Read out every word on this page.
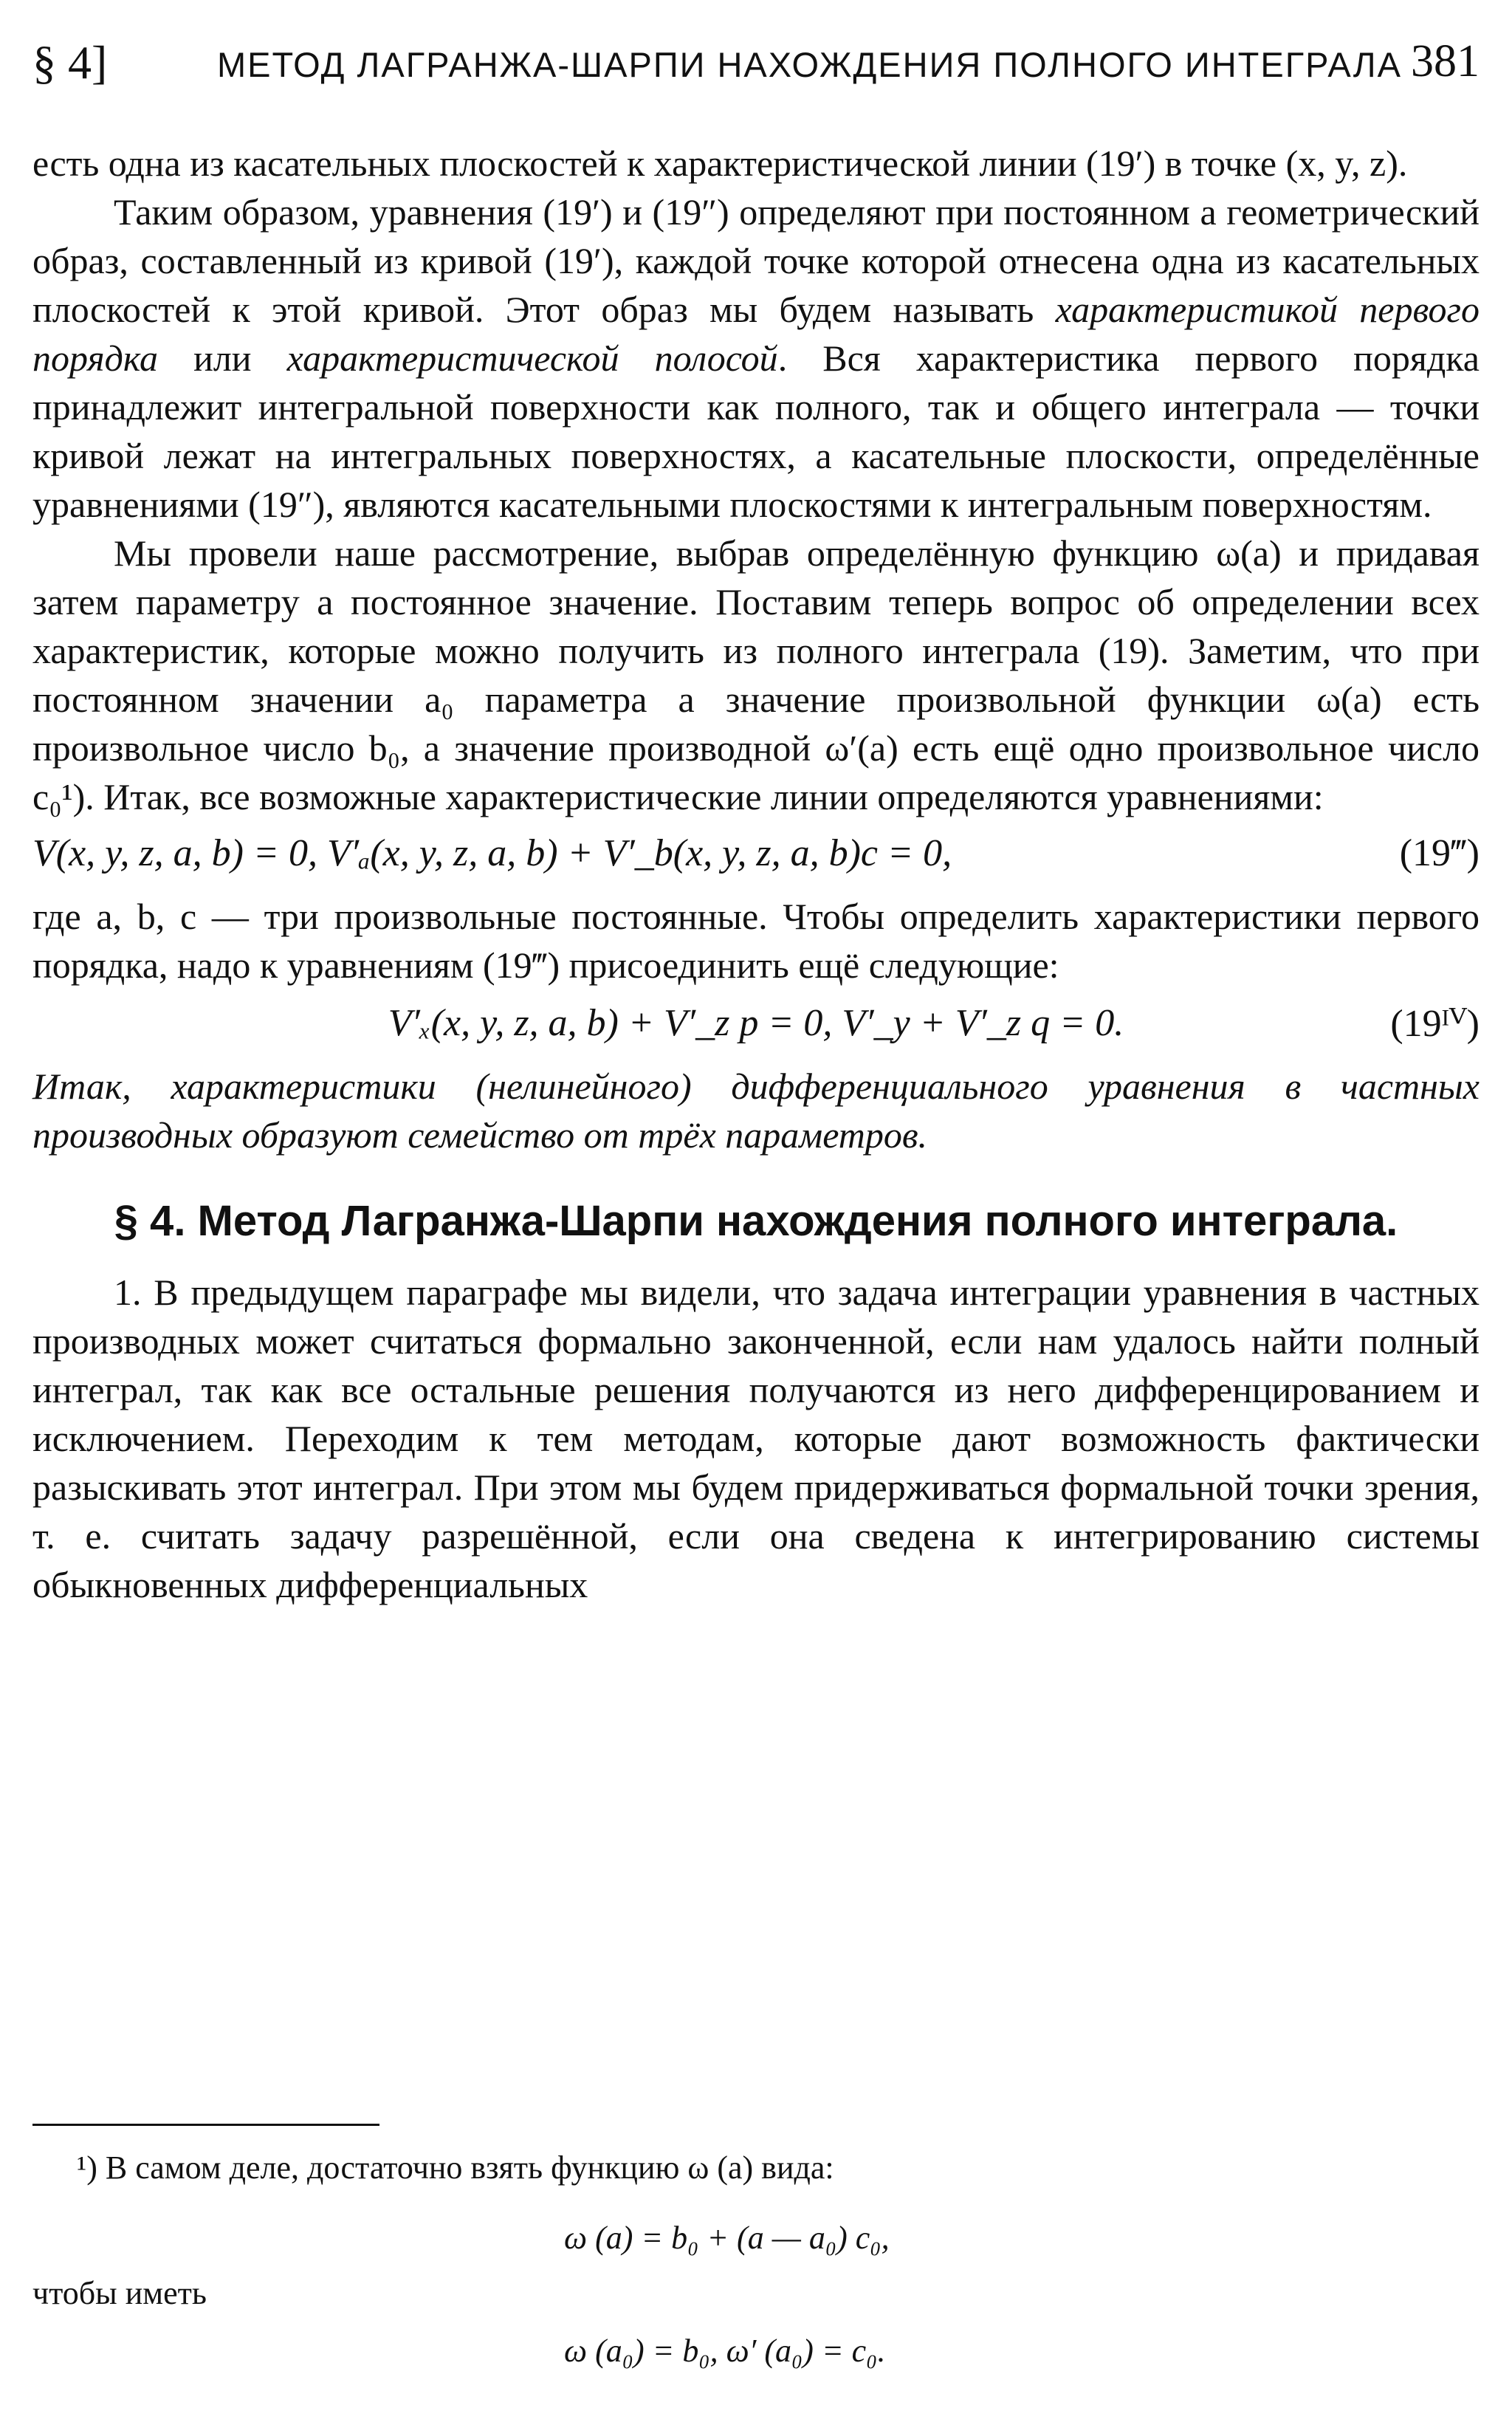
§ 4]	МЕТОД ЛАГРАНЖА-ШАРПИ НАХОЖДЕНИЯ ПОЛНОГО ИНТЕГРАЛА 381

есть одна из касательных плоскостей к характеристической линии (19′) в точке (x, y, z).

Таким образом, уравнения (19′) и (19″) определяют при постоянном a геометрический образ, составленный из кривой (19′), каждой точке которой отнесена одна из касательных плоскостей к этой кривой. Этот образ мы будем называть характеристикой первого порядка или характеристической полосой. Вся характеристика первого порядка принадлежит интегральной поверхности как полного, так и общего интеграла — точки кривой лежат на интегральных поверхностях, а касательные плоскости, определённые уравнениями (19″), являются касательными плоскостями к интегральным поверхностям.

Мы провели наше рассмотрение, выбрав определённую функцию ω(a) и придавая затем параметру a постоянное значение. Поставим теперь вопрос об определении всех характеристик, которые можно получить из полного интеграла (19). Заметим, что при постоянном значении a₀ параметра a значение произвольной функции ω(a) есть произвольное число b₀, а значение производной ω′(a) есть ещё одно произвольное число c₀¹). Итак, все возможные характеристические линии определяются уравнениями:

V(x, y, z, a, b) = 0, V′ₐ(x, y, z, a, b) + V′_b(x, y, z, a, b)c = 0,	(19‴)

где a, b, c — три произвольные постоянные. Чтобы определить характеристики первого порядка, надо к уравнениям (19‴) присоединить ещё следующие:

V′ₓ(x, y, z, a, b) + V′_z p = 0, V′_y + V′_z q = 0.	(19ᴵⱽ)

Итак, характеристики (нелинейного) дифференциального уравнения в частных производных образуют семейство от трёх параметров.

§ 4. Метод Лагранжа-Шарпи нахождения полного интеграла.

1. В предыдущем параграфе мы видели, что задача интеграции уравнения в частных производных может считаться формально законченной, если нам удалось найти полный интеграл, так как все остальные решения получаются из него дифференцированием и исключением. Переходим к тем методам, которые дают возможность фактически разыскивать этот интеграл. При этом мы будем придерживаться формальной точки зрения, т. е. считать задачу разрешённой, если она сведена к интегрированию системы обыкновенных дифференциальных

¹) В самом деле, достаточно взять функцию ω (a) вида:
ω (a) = b₀ + (a — a₀) c₀,
чтобы иметь
ω (a₀) = b₀, ω′ (a₀) = c₀.
